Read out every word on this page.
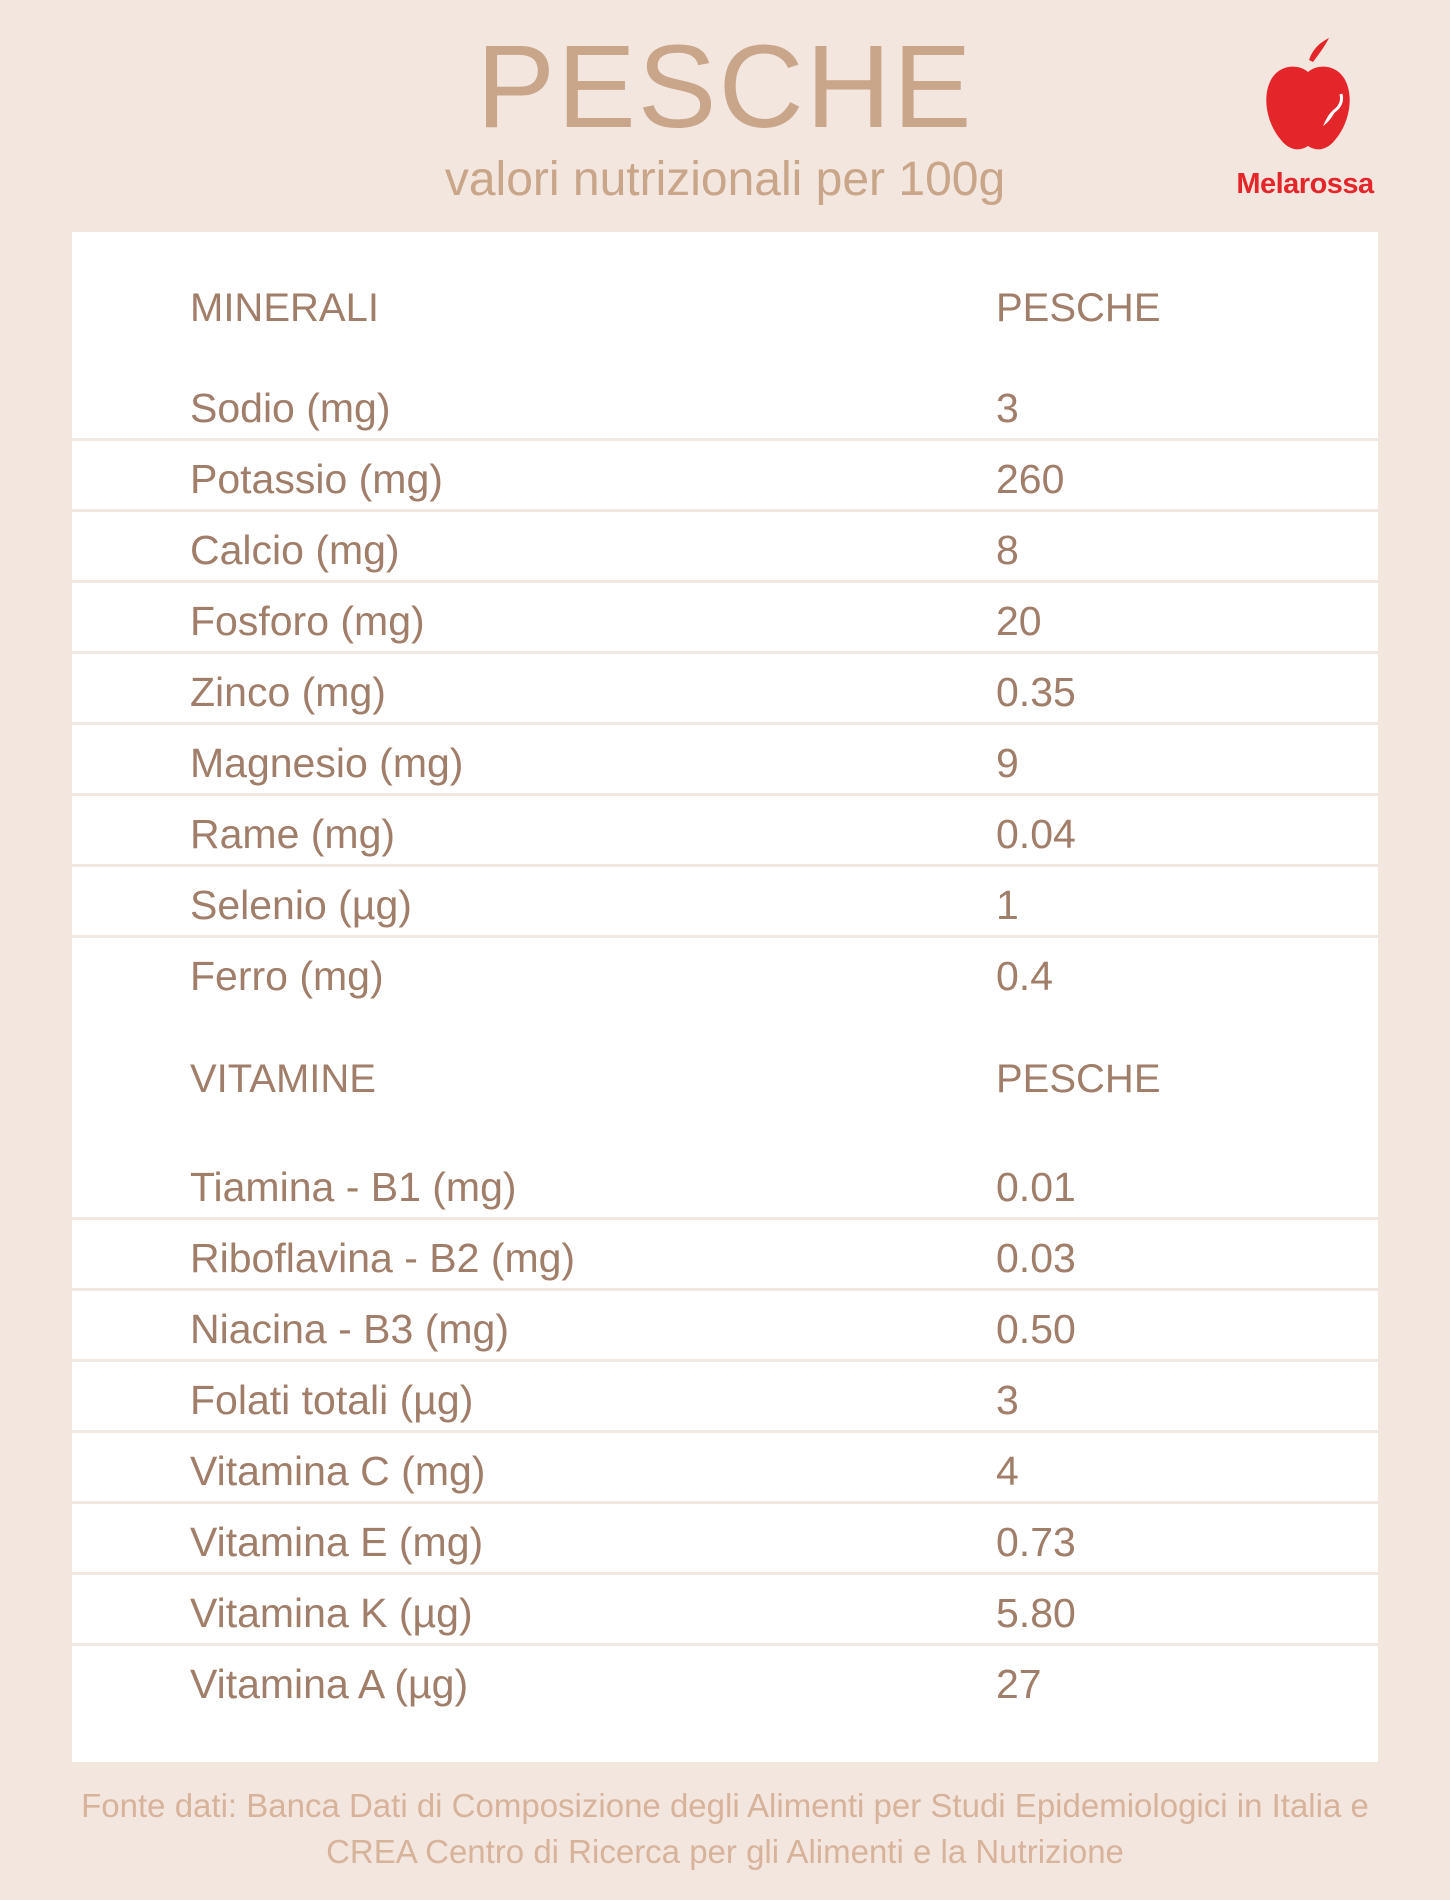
PESCHE
valori nutrizionali per 100g	Melarossa
MINERALI	PESCHE
Sodio (mg)	3
Potassio (mg)	260
Calcio (mg)	8
Fosforo (mg)	20
Zinco (mg)	0.35
Magnesio (mg)	9
Rame (mg)	0.04
Selenio (µg)	1
Ferro (mg)	0.4
VITAMINE	PESCHE
Tiamina - B1 (mg)	0.01
Riboflavina - B2 (mg)	0.03
Niacina - B3 (mg)	0.50
Folati totali (µg)	3
Vitamina C (mg)	4
Vitamina E (mg)	0.73
Vitamina K (µg)	5.80
Vitamina A (µg)	27
Fonte dati: Banca Dati di Composizione degli Alimenti per Studi Epidemiologici in Italia e
CREA Centro di Ricerca per gli Alimenti e la Nutrizione
